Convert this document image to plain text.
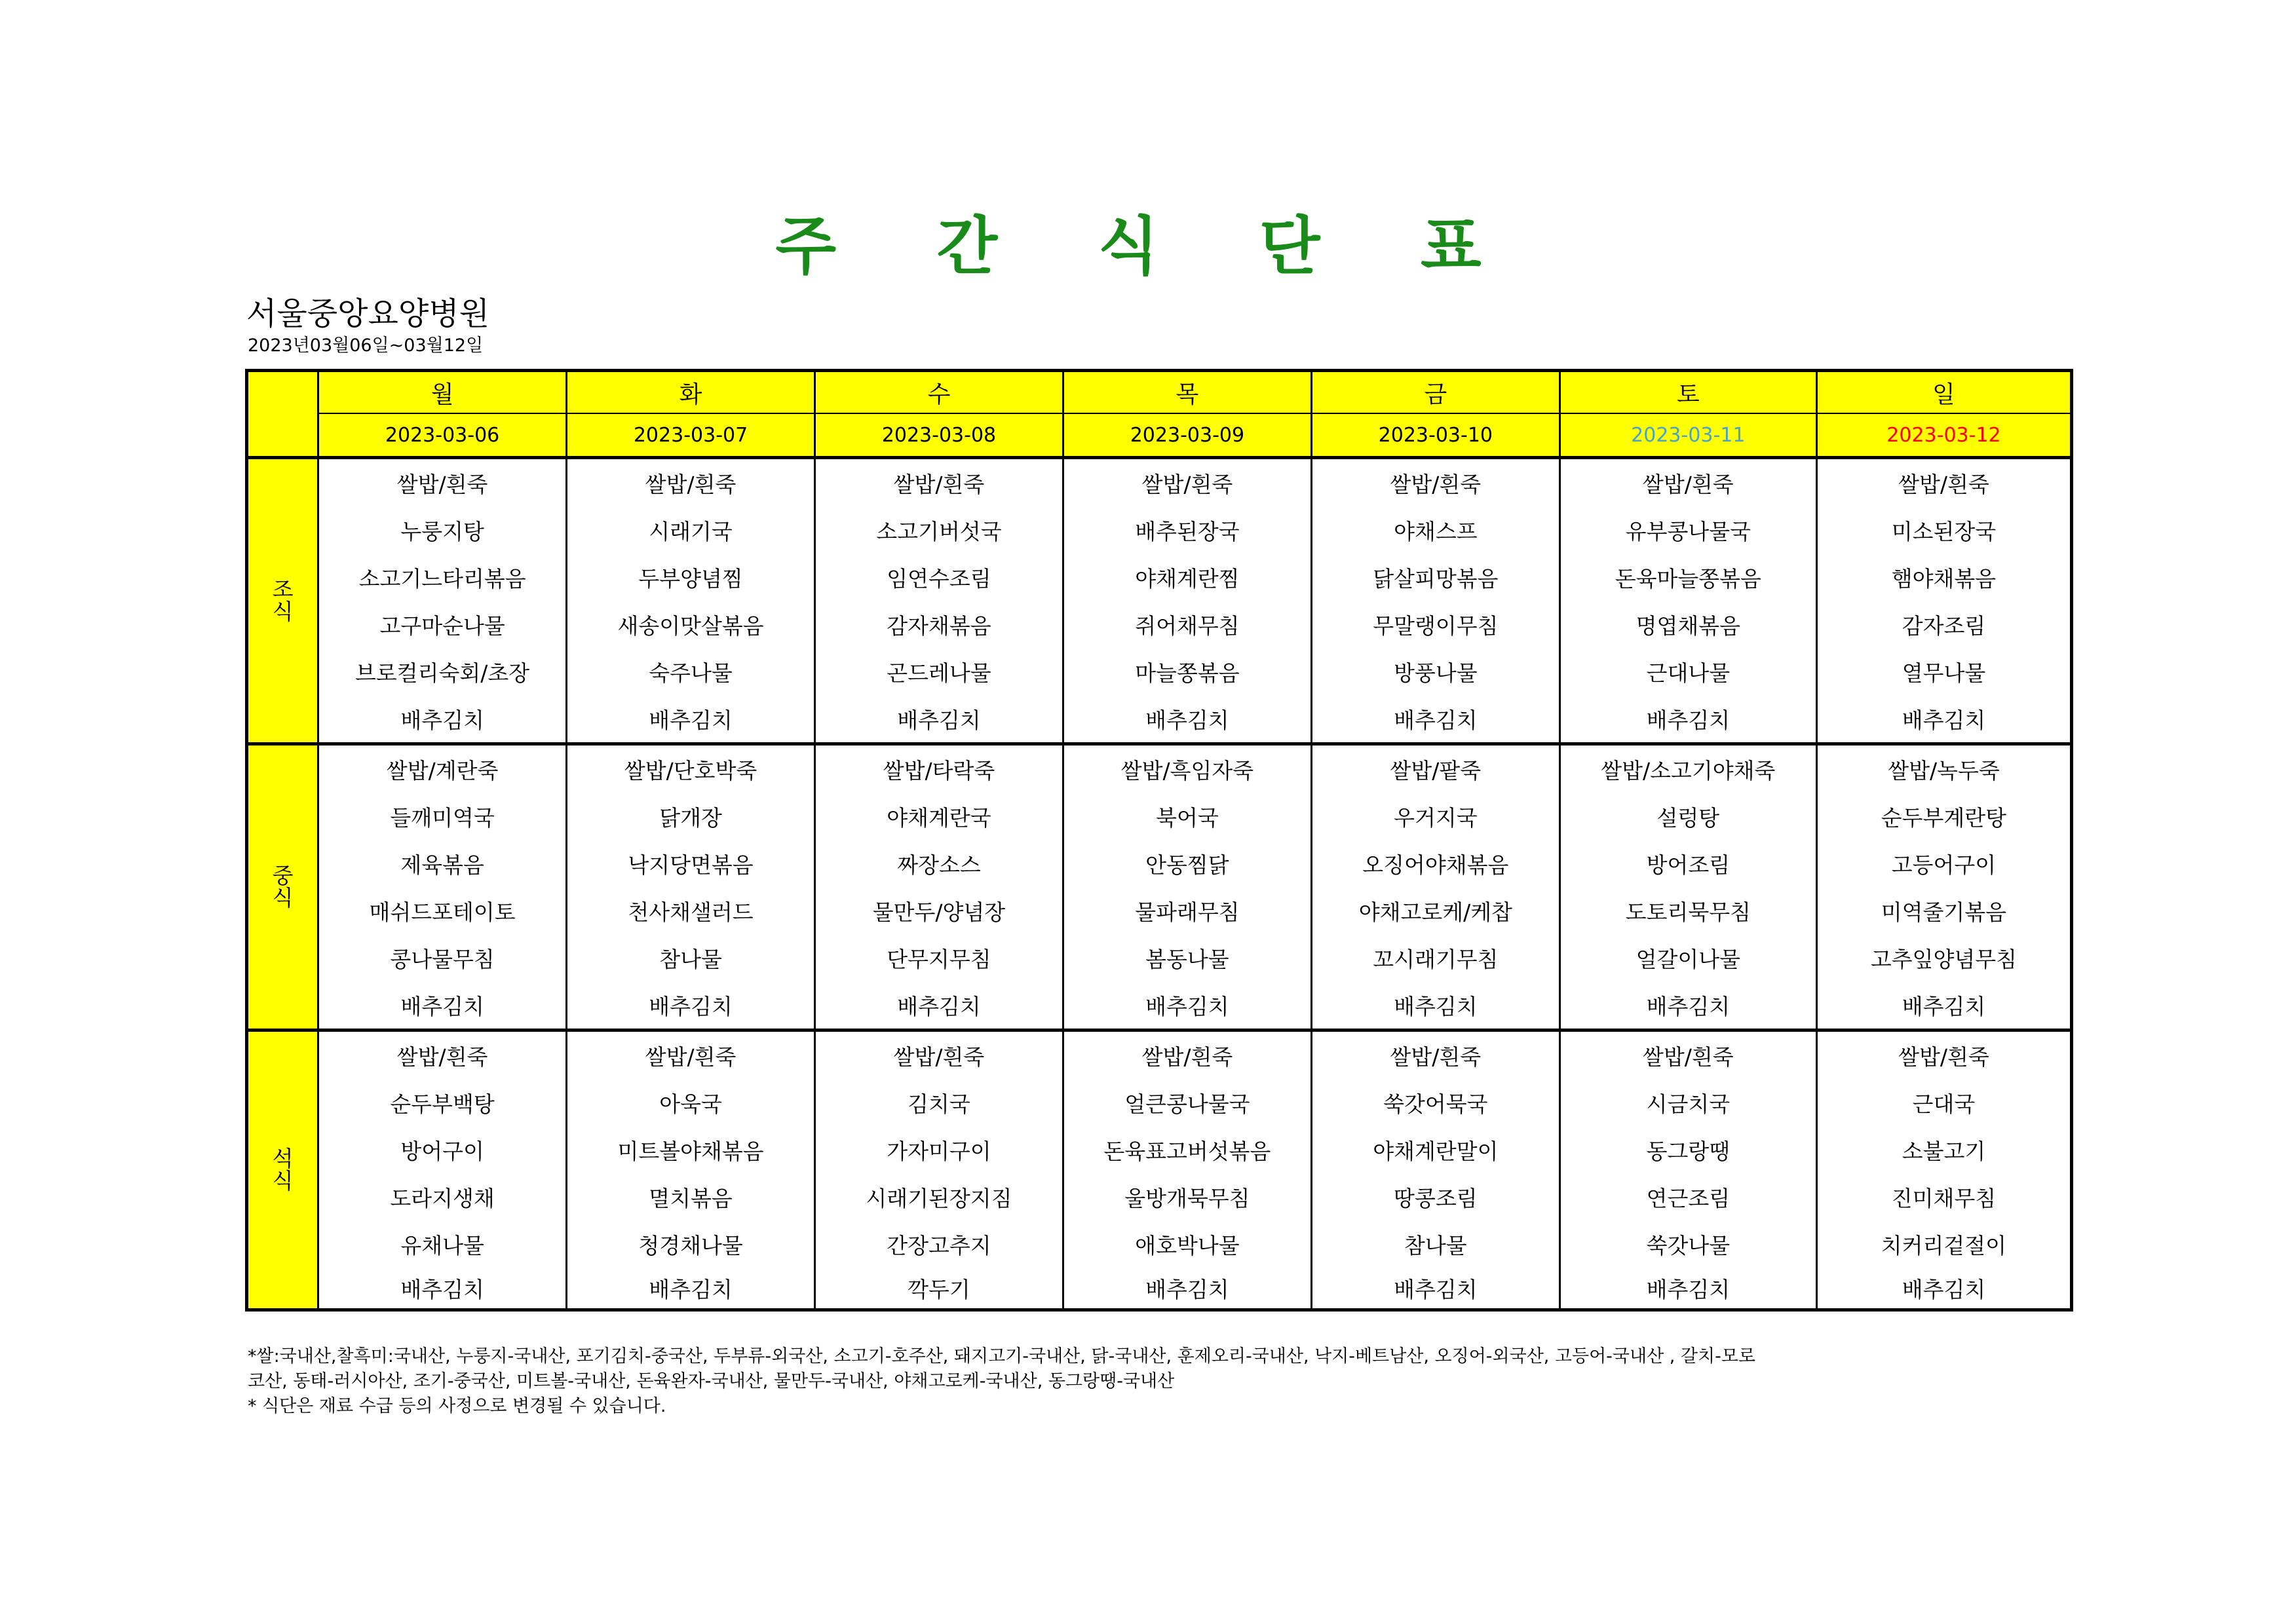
주 간 식 단 표
서울중앙요양병원
2023년03월06일~03월12일
	월	화	수	목	금	토	일
	2023-03-06	2023-03-07	2023-03-08	2023-03-09	2023-03-10	2023-03-11	2023-03-12
조
식	쌀밥/흰죽	쌀밥/흰죽	쌀밥/흰죽	쌀밥/흰죽	쌀밥/흰죽	쌀밥/흰죽	쌀밥/흰죽
	누룽지탕	시래기국	소고기버섯국	배추된장국	야채스프	유부콩나물국	미소된장국
	소고기느타리볶음	두부양념찜	임연수조림	야채계란찜	닭살피망볶음	돈육마늘쫑볶음	햄야채볶음
	고구마순나물	새송이맛살볶음	감자채볶음	쥐어채무침	무말랭이무침	명엽채볶음	감자조림
	브로컬리숙회/초장	숙주나물	곤드레나물	마늘쫑볶음	방풍나물	근대나물	열무나물
	배추김치	배추김치	배추김치	배추김치	배추김치	배추김치	배추김치
중
식	쌀밥/계란죽	쌀밥/단호박죽	쌀밥/타락죽	쌀밥/흑임자죽	쌀밥/팥죽	쌀밥/소고기야채죽	쌀밥/녹두죽
	들깨미역국	닭개장	야채계란국	북어국	우거지국	설렁탕	순두부계란탕
	제육볶음	낙지당면볶음	짜장소스	안동찜닭	오징어야채볶음	방어조림	고등어구이
	매쉬드포테이토	천사채샐러드	물만두/양념장	물파래무침	야채고로케/케찹	도토리묵무침	미역줄기볶음
	콩나물무침	참나물	단무지무침	봄동나물	꼬시래기무침	얼갈이나물	고추잎양념무침
	배추김치	배추김치	배추김치	배추김치	배추김치	배추김치	배추김치
석
식	쌀밥/흰죽	쌀밥/흰죽	쌀밥/흰죽	쌀밥/흰죽	쌀밥/흰죽	쌀밥/흰죽	쌀밥/흰죽
	순두부백탕	아욱국	김치국	얼큰콩나물국	쑥갓어묵국	시금치국	근대국
	방어구이	미트볼야채볶음	가자미구이	돈육표고버섯볶음	야채계란말이	동그랑땡	소불고기
	도라지생채	멸치볶음	시래기된장지짐	울방개묵무침	땅콩조림	연근조림	진미채무침
	유채나물	청경채나물	간장고추지	애호박나물	참나물	쑥갓나물	치커리겉절이
	배추김치	배추김치	깍두기	배추김치	배추김치	배추김치	배추김치

*쌀:국내산,찰흑미:국내산, 누룽지-국내산, 포기김치-중국산, 두부류-외국산, 소고기-호주산, 돼지고기-국내산, 닭-국내산, 훈제오리-국내산, 낙지-베트남산, 오징어-외국산, 고등어-국내산 , 갈치-모로

코산, 동태-러시아산, 조기-중국산, 미트볼-국내산, 돈육완자-국내산, 물만두-국내산, 야채고로케-국내산, 동그랑땡-국내산

* 식단은 재료 수급 등의 사정으로 변경될 수 있습니다.
